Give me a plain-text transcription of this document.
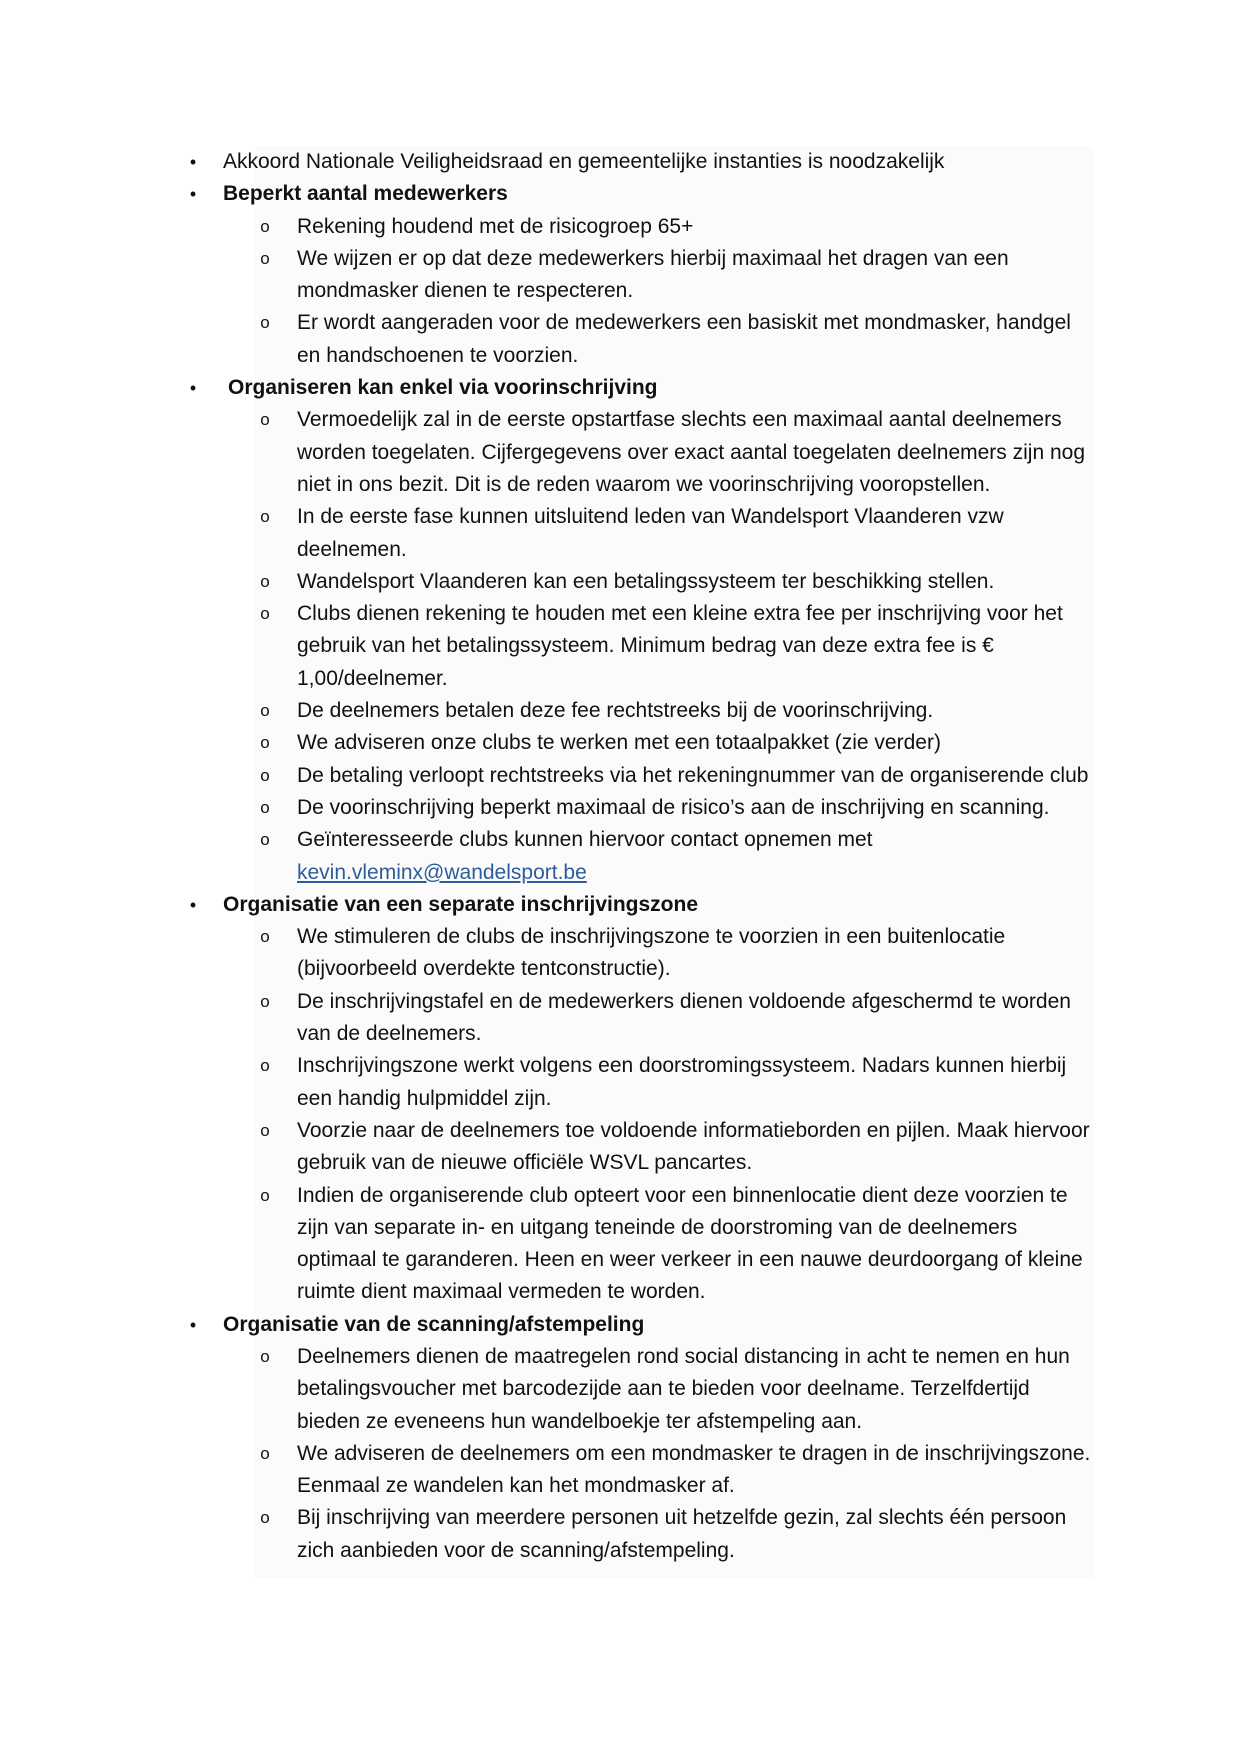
• Akkoord Nationale Veiligheidsraad en gemeentelijke instanties is noodzakelijk
• Beperkt aantal medewerkers
o Rekening houdend met de risicogroep 65+
o We wijzen er op dat deze medewerkers hierbij maximaal het dragen van een mondmasker dienen te respecteren.
o Er wordt aangeraden voor de medewerkers een basiskit met mondmasker, handgel en handschoenen te voorzien.
• Organiseren kan enkel via voorinschrijving
o Vermoedelijk zal in de eerste opstartfase slechts een maximaal aantal deelnemers worden toegelaten. Cijfergegevens over exact aantal toegelaten deelnemers zijn nog niet in ons bezit. Dit is de reden waarom we voorinschrijving vooropstellen.
o In de eerste fase kunnen uitsluitend leden van Wandelsport Vlaanderen vzw deelnemen.
o Wandelsport Vlaanderen kan een betalingssysteem ter beschikking stellen.
o Clubs dienen rekening te houden met een kleine extra fee per inschrijving voor het gebruik van het betalingssysteem. Minimum bedrag van deze extra fee is € 1,00/deelnemer.
o De deelnemers betalen deze fee rechtstreeks bij de voorinschrijving.
o We adviseren onze clubs te werken met een totaalpakket (zie verder)
o De betaling verloopt rechtstreeks via het rekeningnummer van de organiserende club
o De voorinschrijving beperkt maximaal de risico’s aan de inschrijving en scanning.
o Geïnteresseerde clubs kunnen hiervoor contact opnemen met kevin.vleminx@wandelsport.be
• Organisatie van een separate inschrijvingszone
o We stimuleren de clubs de inschrijvingszone te voorzien in een buitenlocatie (bijvoorbeeld overdekte tentconstructie).
o De inschrijvingstafel en de medewerkers dienen voldoende afgeschermd te worden van de deelnemers.
o Inschrijvingszone werkt volgens een doorstromingssysteem. Nadars kunnen hierbij een handig hulpmiddel zijn.
o Voorzie naar de deelnemers toe voldoende informatieborden en pijlen. Maak hiervoor gebruik van de nieuwe officiële WSVL pancartes.
o Indien de organiserende club opteert voor een binnenlocatie dient deze voorzien te zijn van separate in- en uitgang teneinde de doorstroming van de deelnemers optimaal te garanderen. Heen en weer verkeer in een nauwe deurdoorgang of kleine ruimte dient maximaal vermeden te worden.
• Organisatie van de scanning/afstempeling
o Deelnemers dienen de maatregelen rond social distancing in acht te nemen en hun betalingsvoucher met barcodezijde aan te bieden voor deelname. Terzelfdertijd bieden ze eveneens hun wandelboekje ter afstempeling aan.
o We adviseren de deelnemers om een mondmasker te dragen in de inschrijvingszone. Eenmaal ze wandelen kan het mondmasker af.
o Bij inschrijving van meerdere personen uit hetzelfde gezin, zal slechts één persoon zich aanbieden voor de scanning/afstempeling.
